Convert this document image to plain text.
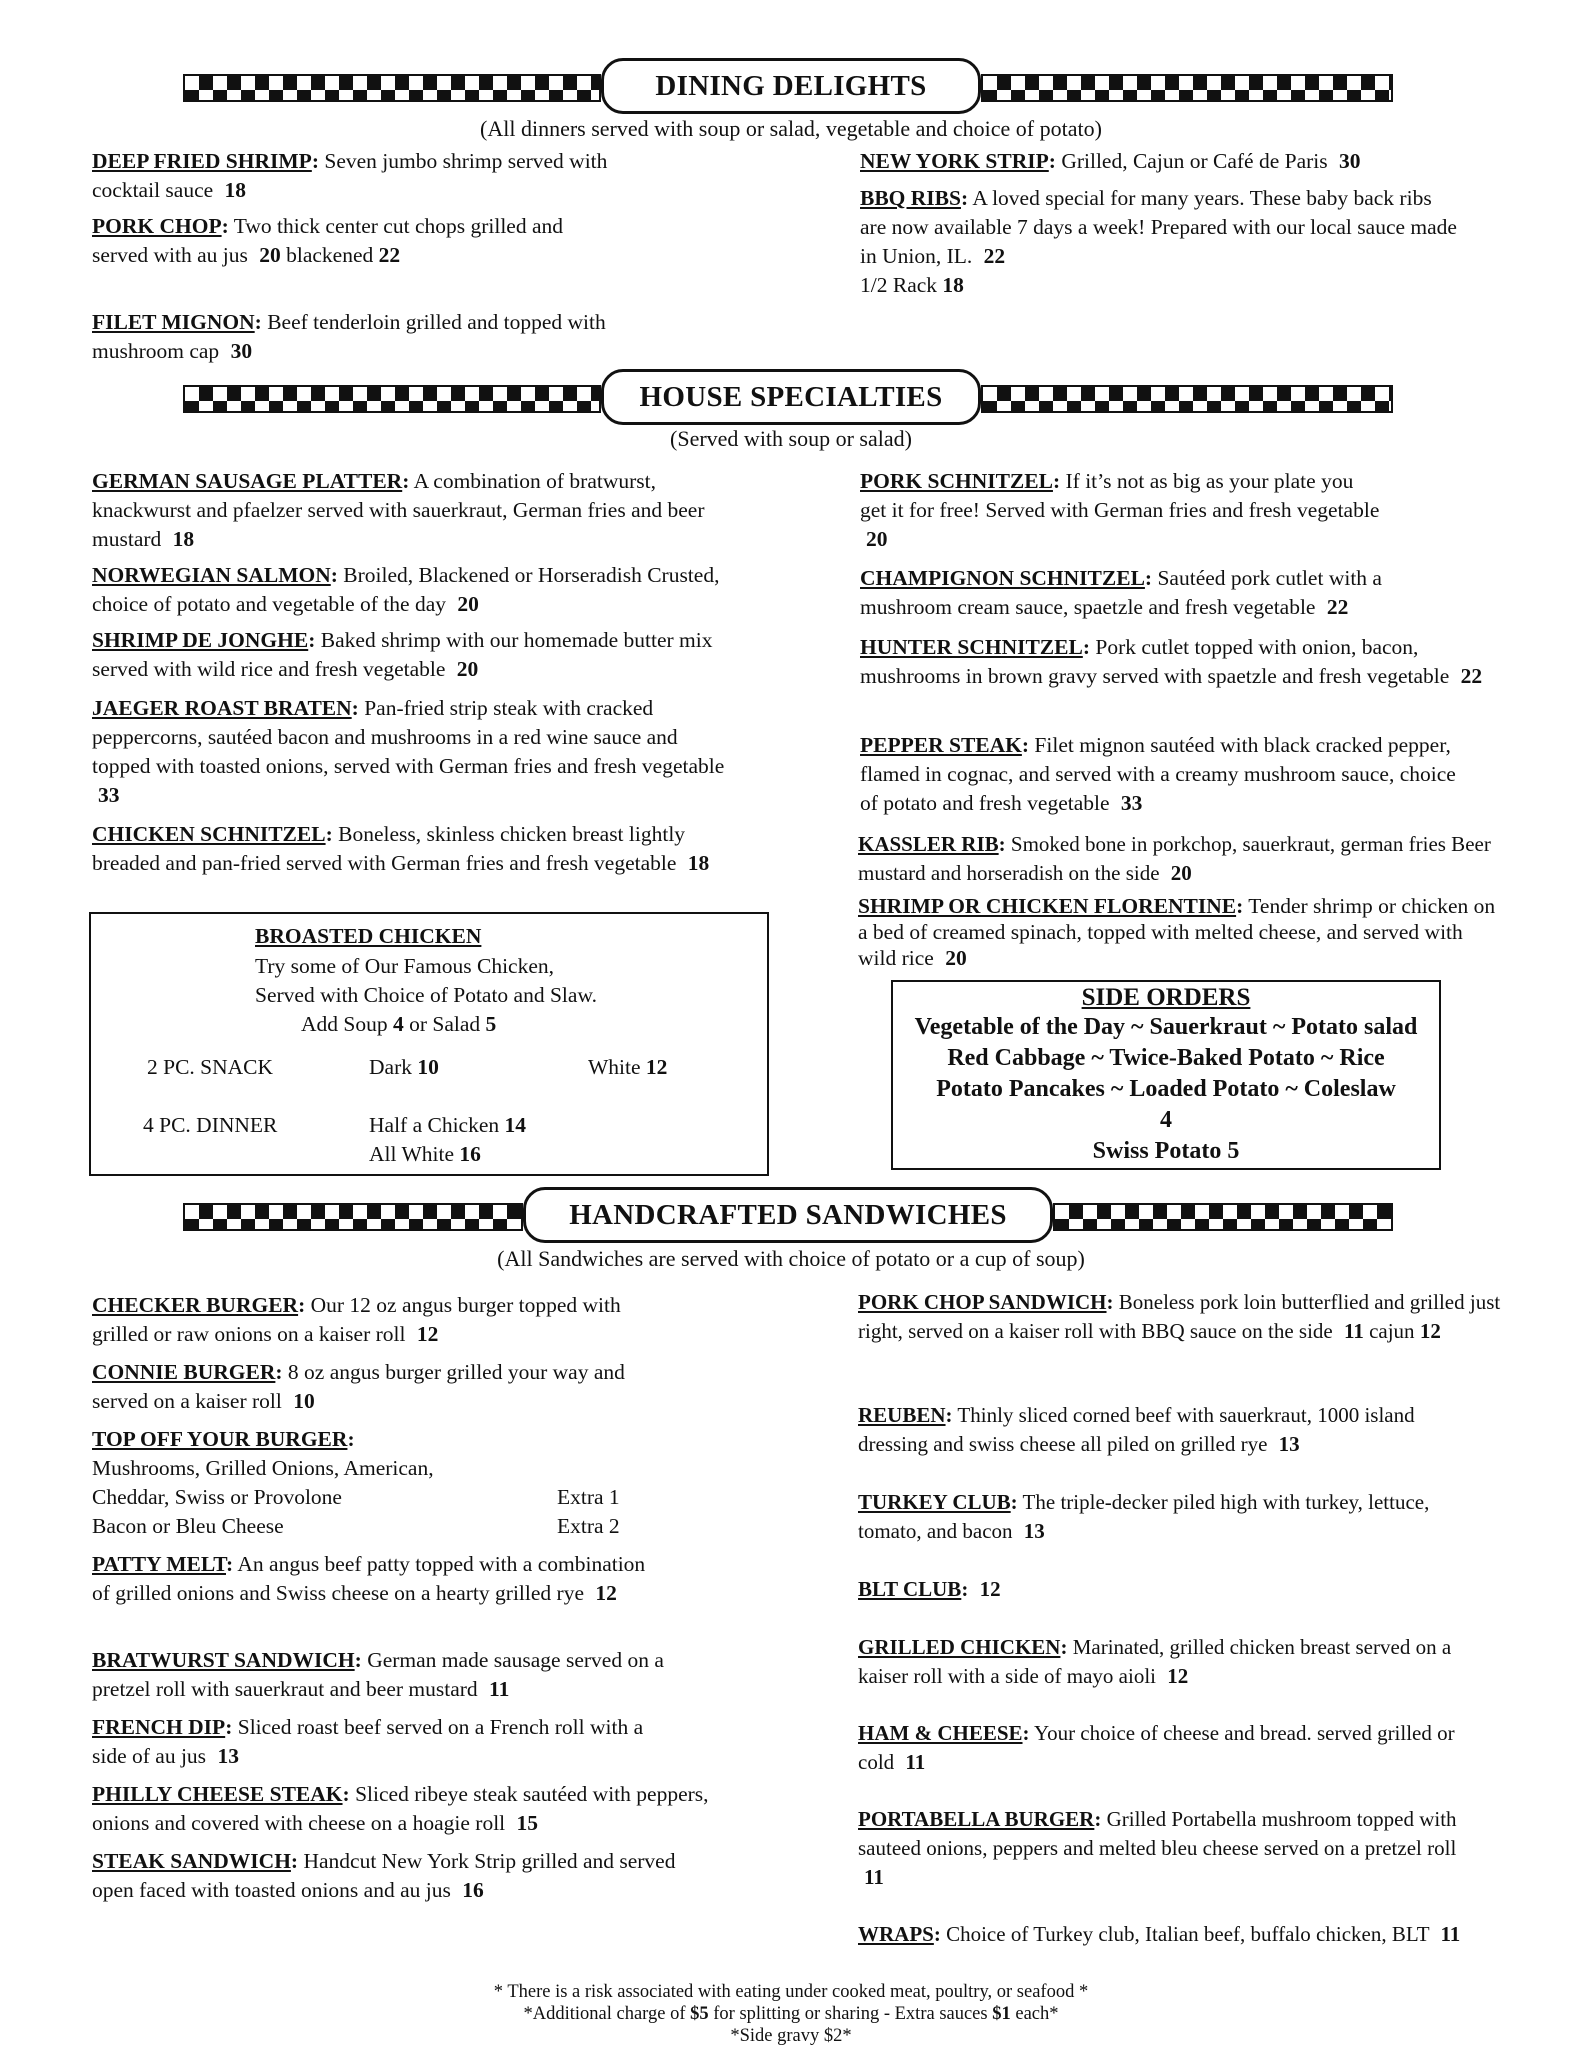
DINING DELIGHTS
(All dinners served with soup or salad, vegetable and choice of potato)
DEEP FRIED SHRIMP: Seven jumbo shrimp served with cocktail sauce 18
PORK CHOP: Two thick center cut chops grilled and served with au jus 20 blackened 22
FILET MIGNON: Beef tenderloin grilled and topped with mushroom cap 30
NEW YORK STRIP: Grilled, Cajun or Café de Paris 30
BBQ RIBS: A loved special for many years. These baby back ribs are now available 7 days a week! Prepared with our local sauce made in Union, IL. 22

1/2 Rack 18

HOUSE SPECIALTIES
(Served with soup or salad)
GERMAN SAUSAGE PLATTER: A combination of bratwurst, knackwurst and pfaelzer served with sauerkraut, German fries and beer mustard 18
NORWEGIAN SALMON: Broiled, Blackened or Horseradish Crusted, choice of potato and vegetable of the day 20
SHRIMP DE JONGHE: Baked shrimp with our homemade butter mix served with wild rice and fresh vegetable 20
JAEGER ROAST BRATEN: Pan-fried strip steak with cracked peppercorns, sautéed bacon and mushrooms in a red wine sauce and topped with toasted onions, served with German fries and fresh vegetable 33
CHICKEN SCHNITZEL: Boneless, skinless chicken breast lightly breaded and pan-fried served with German fries and fresh vegetable 18
BROASTED CHICKEN
Try some of Our Famous Chicken,
Served with Choice of Potato and Slaw.
Add Soup 4 or Salad 5
2 PC. SNACK	Dark 10	White 12
4 PC. DINNER	Half a Chicken 14
All White 16
PORK SCHNITZEL: If it’s not as big as your plate you get it for free! Served with German fries and fresh vegetable 20
CHAMPIGNON SCHNITZEL: Sautéed pork cutlet with a mushroom cream sauce, spaetzle and fresh vegetable 22
HUNTER SCHNITZEL: Pork cutlet topped with onion, bacon, mushrooms in brown gravy served with spaetzle and fresh vegetable 22
PEPPER STEAK: Filet mignon sautéed with black cracked pepper, flamed in cognac, and served with a creamy mushroom sauce, choice of potato and fresh vegetable 33
KASSLER RIB: Smoked bone in porkchop, sauerkraut, german fries Beer mustard and horseradish on the side 20
SHRIMP OR CHICKEN FLORENTINE: Tender shrimp or chicken on a bed of creamed spinach, topped with melted cheese, and served with wild rice 20
SIDE ORDERS
Vegetable of the Day ~ Sauerkraut ~ Potato salad
Red Cabbage ~ Twice-Baked Potato ~ Rice
Potato Pancakes ~ Loaded Potato ~ Coleslaw
4
Swiss Potato 5
HANDCRAFTED SANDWICHES
(All Sandwiches are served with choice of potato or a cup of soup)
CHECKER BURGER: Our 12 oz angus burger topped with grilled or raw onions on a kaiser roll 12
CONNIE BURGER: 8 oz angus burger grilled your way and served on a kaiser roll 10

TOP OFF YOUR BURGER:

Mushrooms, Grilled Onions, American,

Cheddar, Swiss or Provolone	Extra 1

Bacon or Bleu Cheese	Extra 2

PATTY MELT: An angus beef patty topped with a combination of grilled onions and Swiss cheese on a hearty grilled rye 12
BRATWURST SANDWICH: German made sausage served on a pretzel roll with sauerkraut and beer mustard 11
FRENCH DIP: Sliced roast beef served on a French roll with a side of au jus 13
PHILLY CHEESE STEAK: Sliced ribeye steak sautéed with peppers, onions and covered with cheese on a hoagie roll 15
STEAK SANDWICH: Handcut New York Strip grilled and served open faced with toasted onions and au jus 16
PORK CHOP SANDWICH: Boneless pork loin butterflied and grilled just right, served on a kaiser roll with BBQ sauce on the side 11 cajun 12
REUBEN: Thinly sliced corned beef with sauerkraut, 1000 island dressing and swiss cheese all piled on grilled rye 13
TURKEY CLUB: The triple-decker piled high with turkey, lettuce, tomato, and bacon 13
BLT CLUB: 12
GRILLED CHICKEN: Marinated, grilled chicken breast served on a kaiser roll with a side of mayo aioli 12
HAM & CHEESE: Your choice of cheese and bread. served grilled or cold 11
PORTABELLA BURGER: Grilled Portabella mushroom topped with sauteed onions, peppers and melted bleu cheese served on a pretzel roll 11
WRAPS: Choice of Turkey club, Italian beef, buffalo chicken, BLT 11
* There is a risk associated with eating under cooked meat, poultry, or seafood *
*Additional charge of $5 for splitting or sharing - Extra sauces $1 each*
*Side gravy $2*
